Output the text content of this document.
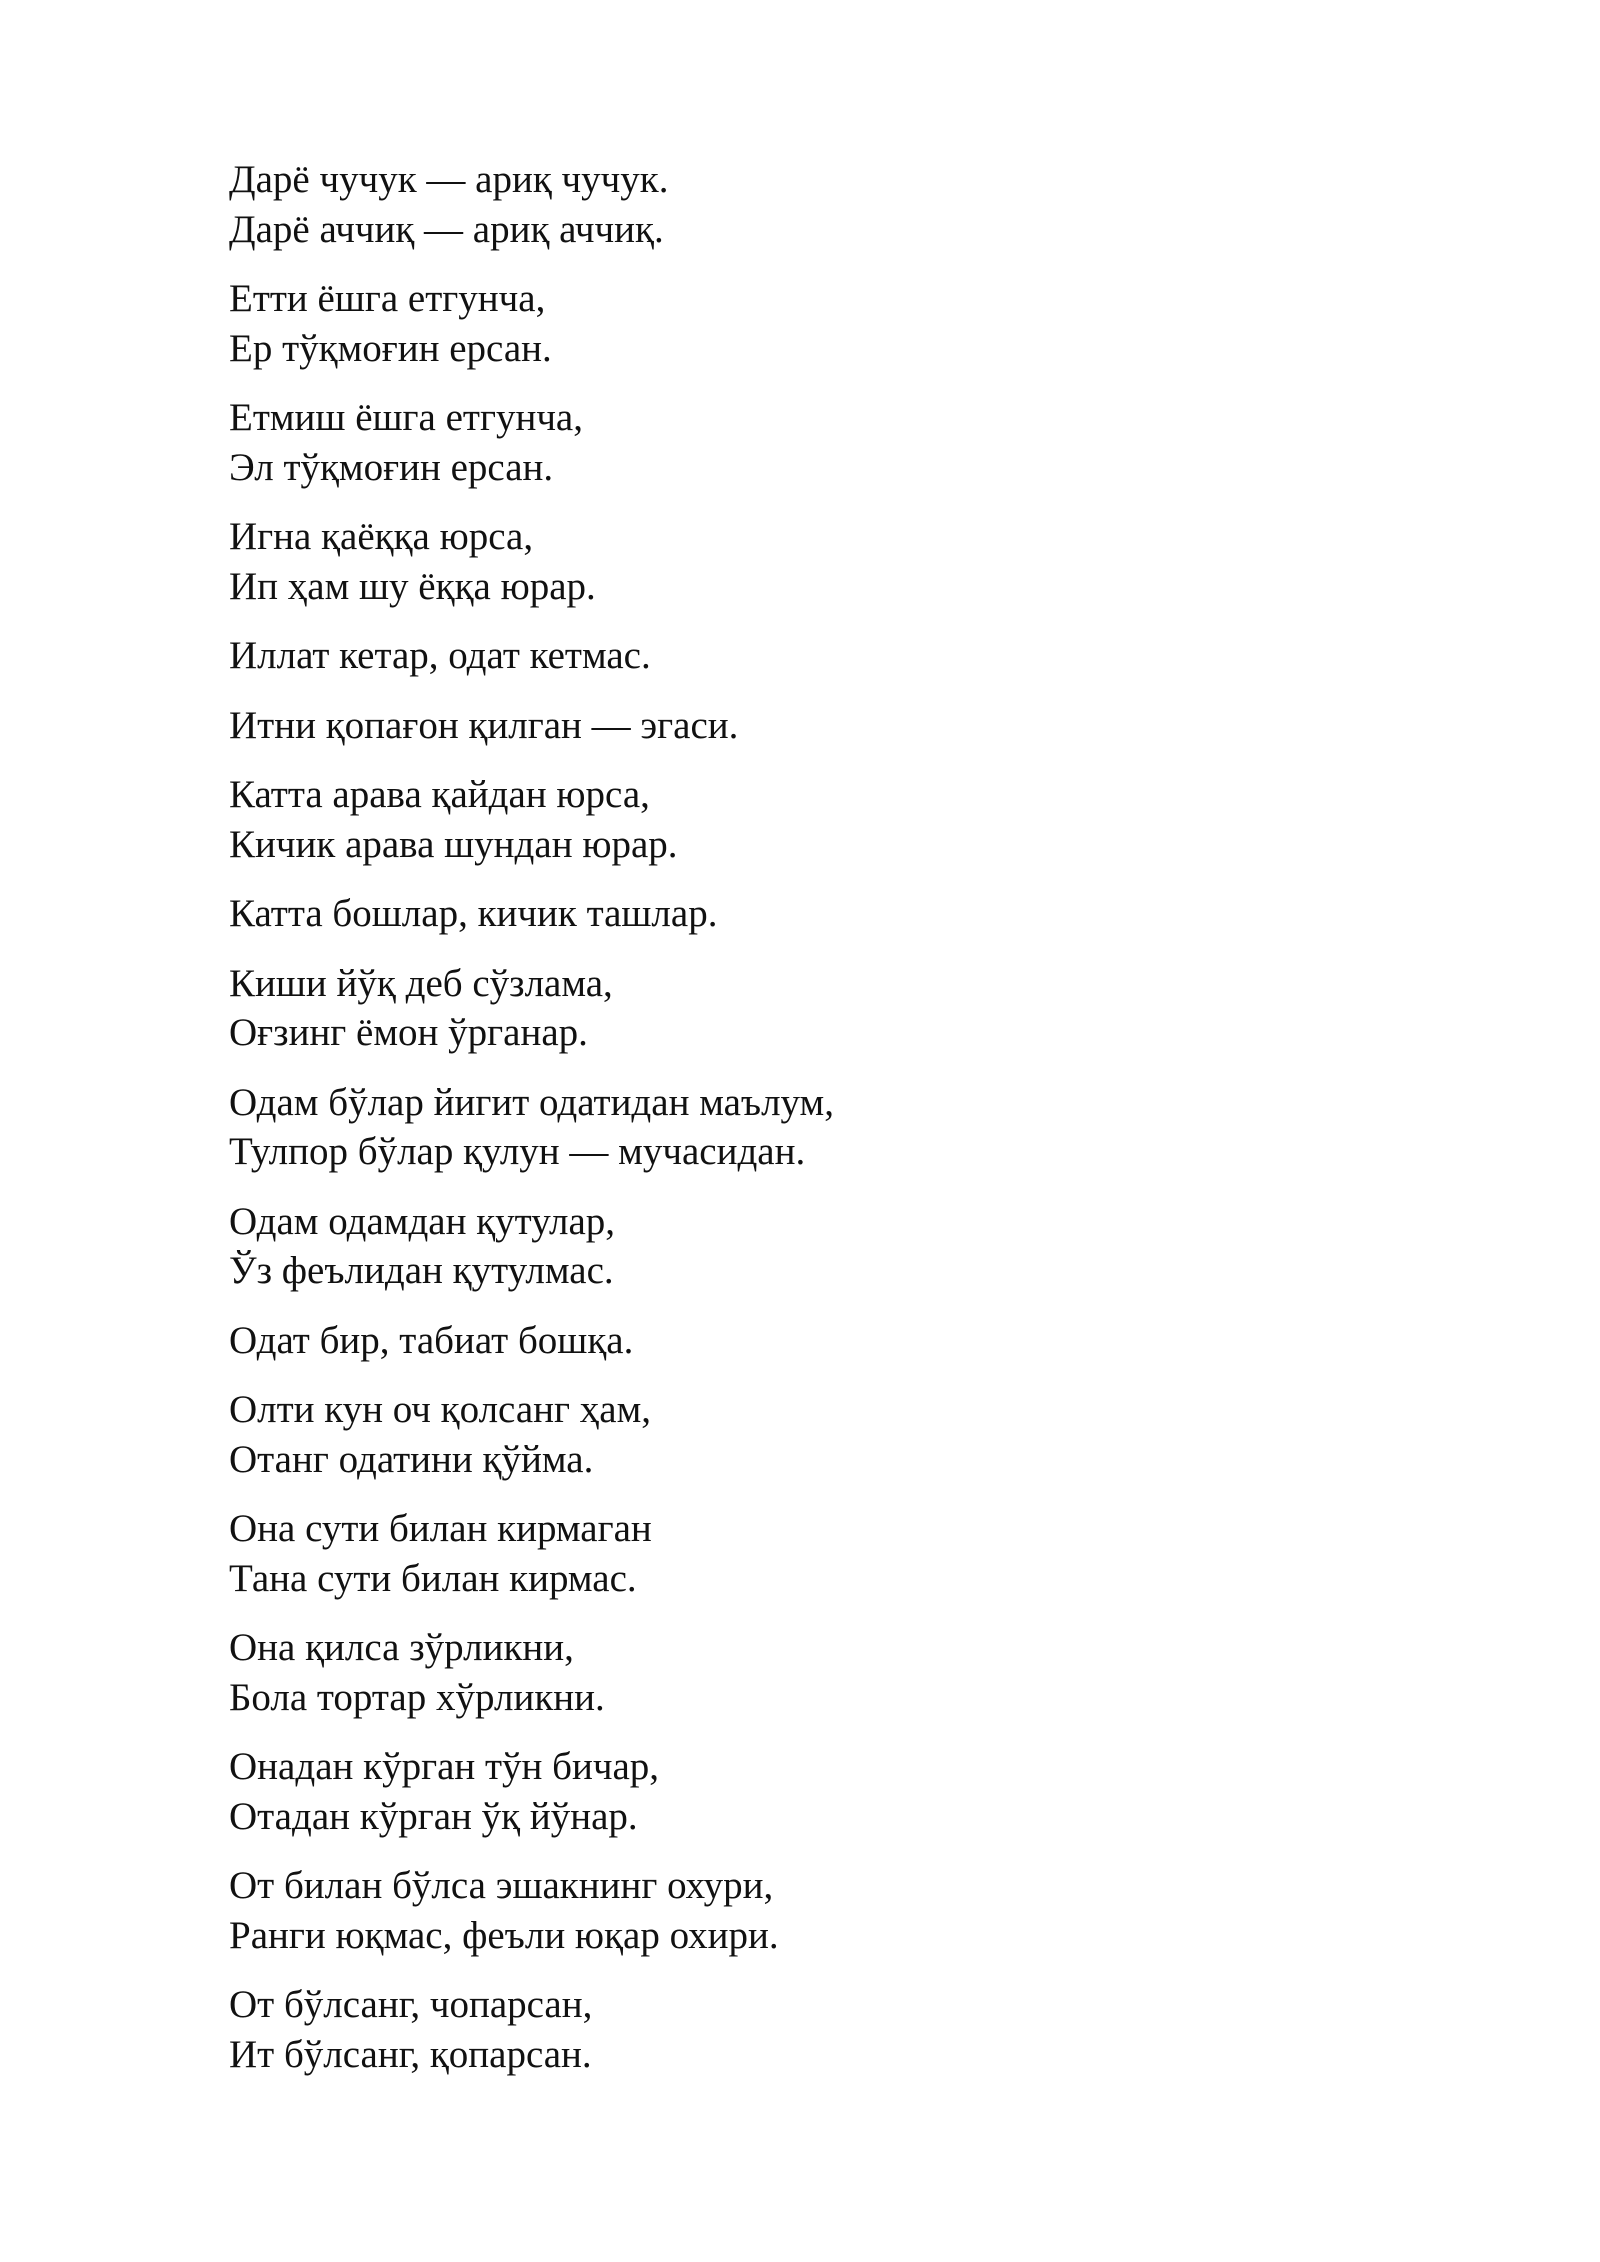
Дарё чучук — ариқ чучук.
Дарё аччиқ — ариқ аччиқ.
Етти ёшга етгунча,
Ер тўқмоғин ерсан.
Етмиш ёшга етгунча,
Эл тўқмоғин ерсан.
Игна қаёққа юрса,
Ип ҳам шу ёққа юрар.
Иллат кетар, одат кетмас.
Итни қопағон қилган — эгаси.
Катта арава қайдан юрса,
Кичик арава шундан юрар.
Катта бошлар, кичик ташлар.
Киши йўқ деб сўзлама,
Оғзинг ёмон ўрганар.
Одам бўлар йигит одатидан маълум,
Тулпор бўлар қулун — мучасидан.
Одам одамдан қутулар,
Ўз феълидан қутулмас.
Одат бир, табиат бошқа.
Олти кун оч қолсанг ҳам,
Отанг одатини қўйма.
Она сути билан кирмаган
Тана сути билан кирмас.
Она қилса зўрликни,
Бола тортар хўрликни.
Онадан кўрган тўн бичар,
Отадан кўрган ўқ йўнар.
От билан бўлса эшакнинг охури,
Ранги юқмас, феъли юқар охири.
От бўлсанг, чопарсан,
Ит бўлсанг, қопарсан.
